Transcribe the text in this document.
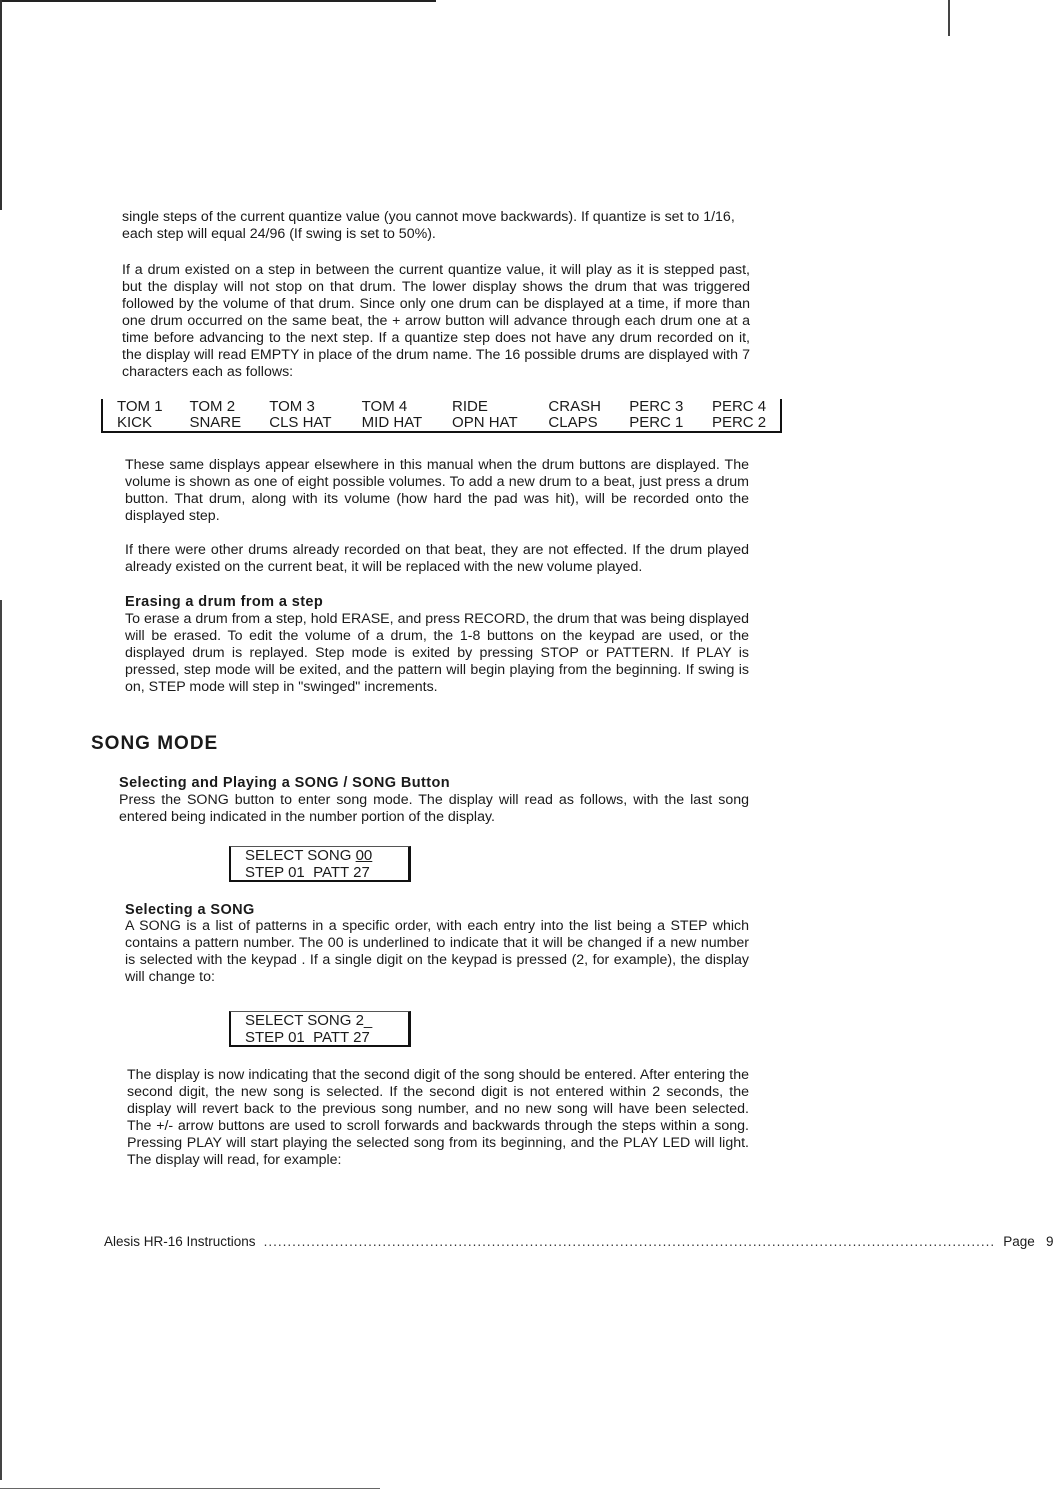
single steps of the current quantize value (you cannot move backwards). If quantize is set to 1/16, each step will equal 24/96 (If swing is set to 50%).

If a drum existed on a step in between the current quantize value, it will play as it is stepped past, but the display will not stop on that drum. The lower display shows the drum that was triggered followed by the volume of that drum. Since only one drum can be displayed at a time, if more than one drum occurred on the same beat, the + arrow button will advance through each drum one at a time before advancing to the next step. If a quantize step does not have any drum recorded on it, the display will read EMPTY in place of the drum name. The 16 possible drums are displayed with 7 characters each as follows:

TOM 1	TOM 2	TOM 3	TOM 4	RIDE	CRASH	PERC 3	PERC 4
KICK	SNARE	CLS HAT	MID HAT	OPN HAT	CLAPS	PERC 1	PERC 2

These same displays appear elsewhere in this manual when the drum buttons are displayed. The volume is shown as one of eight possible volumes. To add a new drum to a beat, just press a drum button. That drum, along with its volume (how hard the pad was hit), will be recorded onto the displayed step.

If there were other drums already recorded on that beat, they are not effected. If the drum played already existed on the current beat, it will be replaced with the new volume played.

Erasing a drum from a step

To erase a drum from a step, hold ERASE, and press RECORD, the drum that was being displayed will be erased. To edit the volume of a drum, the 1-8 buttons on the keypad are used, or the displayed drum is replayed. Step mode is exited by pressing STOP or PATTERN. If PLAY is pressed, step mode will be exited, and the pattern will begin playing from the beginning. If swing is on, STEP mode will step in "swinged" increments.

SONG MODE
Selecting and Playing a SONG / SONG Button

Press the SONG button to enter song mode. The display will read as follows, with the last song entered being indicated in the number portion of the display.

SELECT SONG 00
STEP 01  PATT 27
Selecting a SONG

A SONG is a list of patterns in a specific order, with each entry into the list being a STEP which contains a pattern number. The 00 is underlined to indicate that it will be changed if a new number is selected with the keypad . If a single digit on the keypad is pressed (2, for example), the display will change to:

SELECT SONG 2_
STEP 01  PATT 27

The display is now indicating that the second digit of the song should be entered. After entering the second digit, the new song is selected. If the second digit is not entered within 2 seconds, the display will revert back to the previous song number, and no new song will have been selected. The +/- arrow buttons are used to scroll forwards and backwards through the steps within a song. Pressing PLAY will start playing the selected song from its beginning, and the PLAY LED will light. The display will read, for example:

Alesis HR-16 Instructions .......................................................................................................................................................... Page   9
